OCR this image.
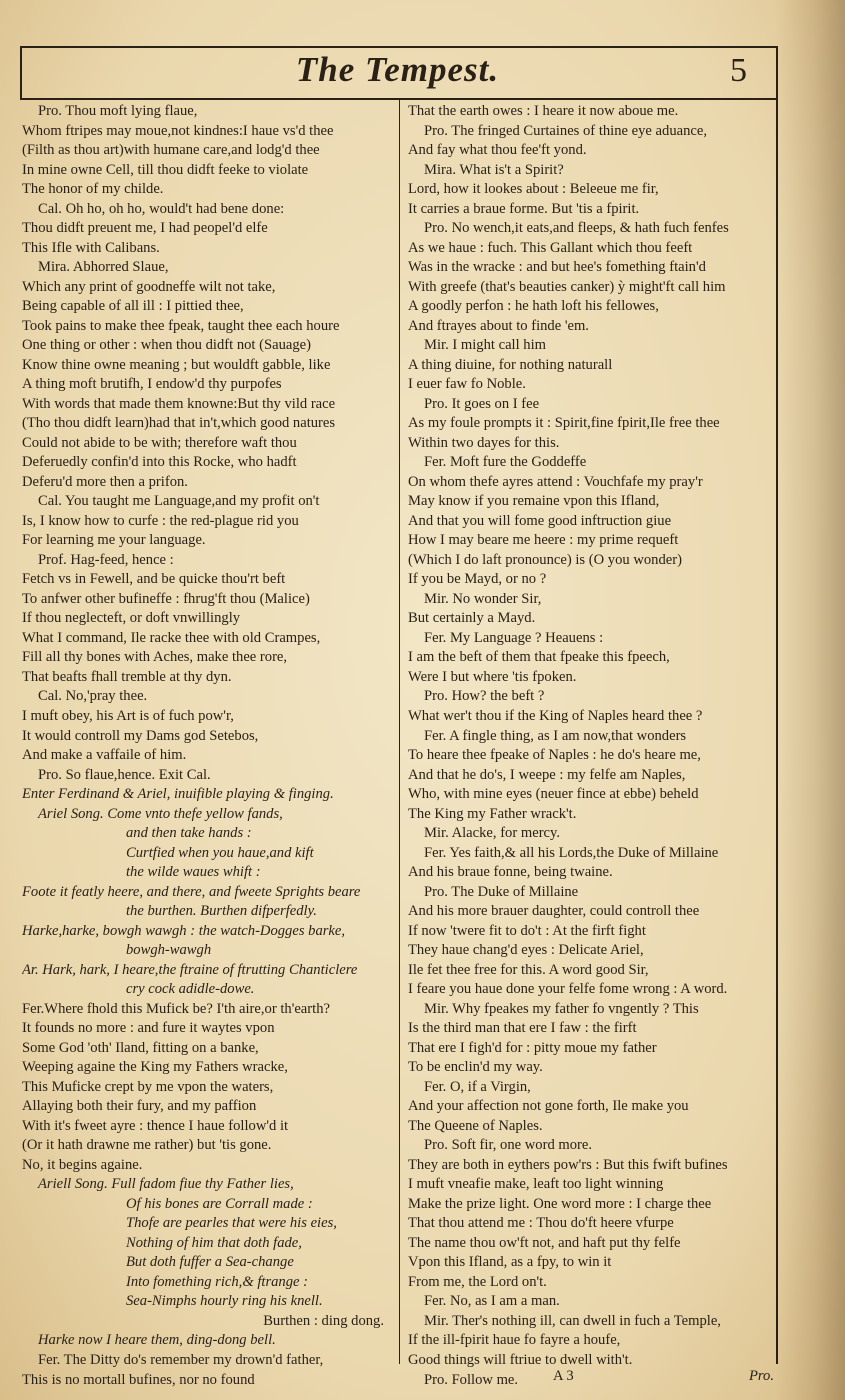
The Tempest.	5
Pro. Thou moft lying flaue,
Whom ftripes may moue,not kindnes:I haue vs'd thee
(Filth as thou art)with humane care,and lodg'd thee
In mine owne Cell, till thou didft feeke to violate
The honor of my childe.
Cal. Oh ho, oh ho, would't had bene done:
Thou didft preuent me, I had peopel'd elfe
This Ifle with Calibans.
Mira. Abhorred Slaue,
Which any print of goodneffe wilt not take,
Being capable of all ill : I pittied thee,
Took pains to make thee fpeak, taught thee each houre
One thing or other : when thou didft not (Sauage)
Know thine owne meaning ; but wouldft gabble, like
A thing moft brutifh, I endow'd thy purpofes
With words that made them knowne:But thy vild race
(Tho thou didft learn)had that in't,which good natures
Could not abide to be with; therefore waft thou
Deferuedly confin'd into this Rocke, who hadft
Deferu'd more then a prifon.
Cal. You taught me Language,and my profit on't
Is, I know how to curfe : the red-plague rid you
For learning me your language.
Prof. Hag-feed, hence :
Fetch vs in Fewell, and be quicke thou'rt beft
To anfwer other bufineffe : fhrug'ft thou (Malice)
If thou neglecteft, or doft vnwillingly
What I command, Ile racke thee with old Crampes,
Fill all thy bones with Aches, make thee rore,
That beafts fhall tremble at thy dyn.
Cal. No,'pray thee.
I muft obey, his Art is of fuch pow'r,
It would controll my Dams god Setebos,
And make a vaffaile of him.
Pro. So flaue,hence. Exit Cal.
Enter Ferdinand & Ariel, inuifible playing & finging.
Ariel Song. Come vnto thefe yellow fands,
and then take hands :
Curtfied when you haue,and kift
the wilde waues whift :
Foote it featly heere, and there, and fweete Sprights beare
the burthen. Burthen difperfedly.
Harke,harke, bowgh wawgh : the watch-Dogges barke,
bowgh-wawgh
Ar. Hark, hark, I heare,the ftraine of ftrutting Chanticlere
cry cock adidle-dowe.
Fer.Where fhold this Mufick be? I'th aire,or th'earth?
It founds no more : and fure it waytes vpon
Some God 'oth' Iland, fitting on a banke,
Weeping againe the King my Fathers wracke,
This Muficke crept by me vpon the waters,
Allaying both their fury, and my paffion
With it's fweet ayre : thence I haue follow'd it
(Or it hath drawne me rather) but 'tis gone.
No, it begins againe.
Ariell Song. Full fadom fiue thy Father lies,
Of his bones are Corrall made :
Thofe are pearles that were his eies,
Nothing of him that doth fade,
But doth fuffer a Sea-change
Into fomething rich,& ftrange :
Sea-Nimphs hourly ring his knell.
Burthen : ding dong.
Harke now I heare them, ding-dong bell.
Fer. The Ditty do's remember my drown'd father,
This is no mortall bufines, nor no found
That the earth owes : I heare it now aboue me.
Pro. The fringed Curtaines of thine eye aduance,
And fay what thou fee'ft yond.
Mira. What is't a Spirit?
Lord, how it lookes about : Beleeue me fir,
It carries a braue forme. But 'tis a fpirit.
Pro. No wench,it eats,and fleeps, & hath fuch fenfes
As we haue : fuch. This Gallant which thou feeft
Was in the wracke : and but hee's fomething ftain'd
With greefe (that's beauties canker) ỳ might'ft call him
A goodly perfon : he hath loft his fellowes,
And ftrayes about to finde 'em.
Mir. I might call him
A thing diuine, for nothing naturall
I euer faw fo Noble.
Pro. It goes on I fee
As my foule prompts it : Spirit,fine fpirit,Ile free thee
Within two dayes for this.
Fer. Moft fure the Goddeffe
On whom thefe ayres attend : Vouchfafe my pray'r
May know if you remaine vpon this Ifland,
And that you will fome good inftruction giue
How I may beare me heere : my prime requeft
(Which I do laft pronounce) is (O you wonder)
If you be Mayd, or no ?
Mir. No wonder Sir,
But certainly a Mayd.
Fer. My Language ? Heauens :
I am the beft of them that fpeake this fpeech,
Were I but where 'tis fpoken.
Pro. How? the beft ?
What wer't thou if the King of Naples heard thee ?
Fer. A fingle thing, as I am now,that wonders
To heare thee fpeake of Naples : he do's heare me,
And that he do's, I weepe : my felfe am Naples,
Who, with mine eyes (neuer fince at ebbe) beheld
The King my Father wrack't.
Mir. Alacke, for mercy.
Fer. Yes faith,& all his Lords,the Duke of Millaine
And his braue fonne, being twaine.
Pro. The Duke of Millaine
And his more brauer daughter, could controll thee
If now 'twere fit to do't : At the firft fight
They haue chang'd eyes : Delicate Ariel,
Ile fet thee free for this. A word good Sir,
I feare you haue done your felfe fome wrong : A word.
Mir. Why fpeakes my father fo vngently ? This
Is the third man that ere I faw : the firft
That ere I figh'd for : pitty moue my father
To be enclin'd my way.
Fer. O, if a Virgin,
And your affection not gone forth, Ile make you
The Queene of Naples.
Pro. Soft fir, one word more.
They are both in eythers pow'rs : But this fwift bufines
I muft vneafie make, leaft too light winning
Make the prize light. One word more : I charge thee
That thou attend me : Thou do'ft heere vfurpe
The name thou ow'ft not, and haft put thy felfe
Vpon this Ifland, as a fpy, to win it
From me, the Lord on't.
Fer. No, as I am a man.
Mir. Ther's nothing ill, can dwell in fuch a Temple,
If the ill-fpirit haue fo fayre a houfe,
Good things will ftriue to dwell with't.
Pro. Follow me.	A 3	Pro.
